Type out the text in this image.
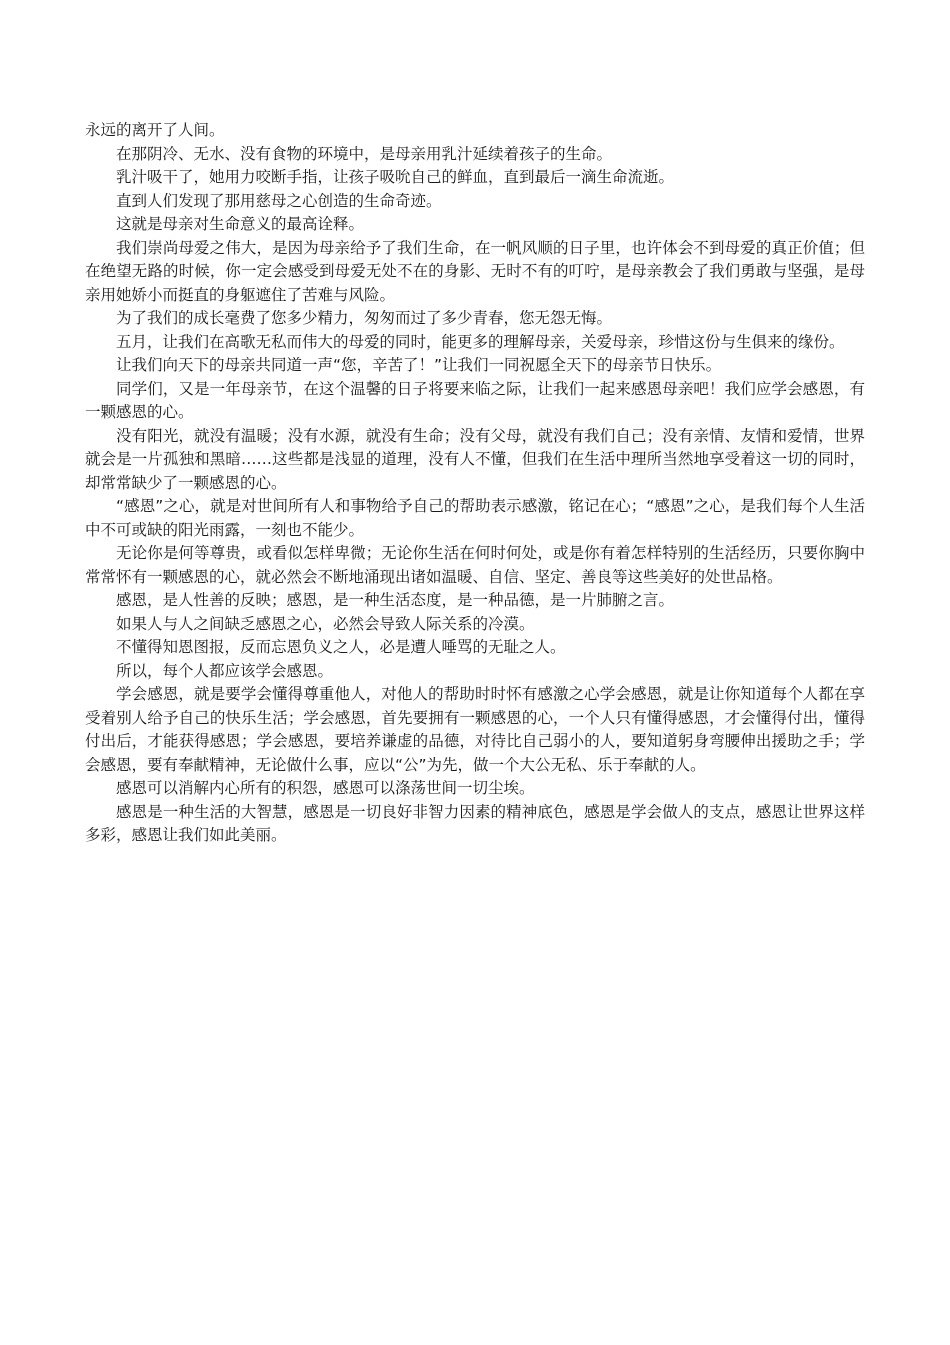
永远的离开了人间。

在那阴冷、无水、没有食物的环境中，是母亲用乳汁延续着孩子的生命。

乳汁吸干了，她用力咬断手指，让孩子吸吮自己的鲜血，直到最后一滴生命流逝。

直到人们发现了那用慈母之心创造的生命奇迹。

这就是母亲对生命意义的最高诠释。

我们崇尚母爱之伟大，是因为母亲给予了我们生命，在一帆风顺的日子里，也许体会不到母爱的真正价值；但在绝望无路的时候，你一定会感受到母爱无处不在的身影、无时不有的叮咛，是母亲教会了我们勇敢与坚强，是母亲用她娇小而挺直的身躯遮住了苦难与风险。

为了我们的成长毫费了您多少精力，匆匆而过了多少青春，您无怨无悔。

五月，让我们在高歌无私而伟大的母爱的同时，能更多的理解母亲，关爱母亲，珍惜这份与生俱来的缘份。

让我们向天下的母亲共同道一声“您，辛苦了！”让我们一同祝愿全天下的母亲节日快乐。

同学们，又是一年母亲节，在这个温馨的日子将要来临之际，让我们一起来感恩母亲吧！我们应学会感恩，有一颗感恩的心。

没有阳光，就没有温暖；没有水源，就没有生命；没有父母，就没有我们自己；没有亲情、友情和爱情，世界就会是一片孤独和黑暗……这些都是浅显的道理，没有人不懂，但我们在生活中理所当然地享受着这一切的同时，却常常缺少了一颗感恩的心。

“感恩”之心，就是对世间所有人和事物给予自己的帮助表示感激，铭记在心；“感恩”之心，是我们每个人生活中不可或缺的阳光雨露，一刻也不能少。

无论你是何等尊贵，或看似怎样卑微；无论你生活在何时何处，或是你有着怎样特别的生活经历，只要你胸中常常怀有一颗感恩的心，就必然会不断地涌现出诸如温暖、自信、坚定、善良等这些美好的处世品格。

感恩，是人性善的反映；感恩，是一种生活态度，是一种品德，是一片肺腑之言。

如果人与人之间缺乏感恩之心，必然会导致人际关系的冷漠。

不懂得知恩图报，反而忘恩负义之人，必是遭人唾骂的无耻之人。

所以，每个人都应该学会感恩。

学会感恩，就是要学会懂得尊重他人，对他人的帮助时时怀有感激之心学会感恩，就是让你知道每个人都在享受着别人给予自己的快乐生活；学会感恩，首先要拥有一颗感恩的心，一个人只有懂得感恩，才会懂得付出，懂得付出后，才能获得感恩；学会感恩，要培养谦虚的品德，对待比自己弱小的人，要知道躬身弯腰伸出援助之手；学会感恩，要有奉献精神，无论做什么事，应以“公”为先，做一个大公无私、乐于奉献的人。

感恩可以消解内心所有的积怨，感恩可以涤荡世间一切尘埃。

感恩是一种生活的大智慧，感恩是一切良好非智力因素的精神底色，感恩是学会做人的支点，感恩让世界这样多彩，感恩让我们如此美丽。
